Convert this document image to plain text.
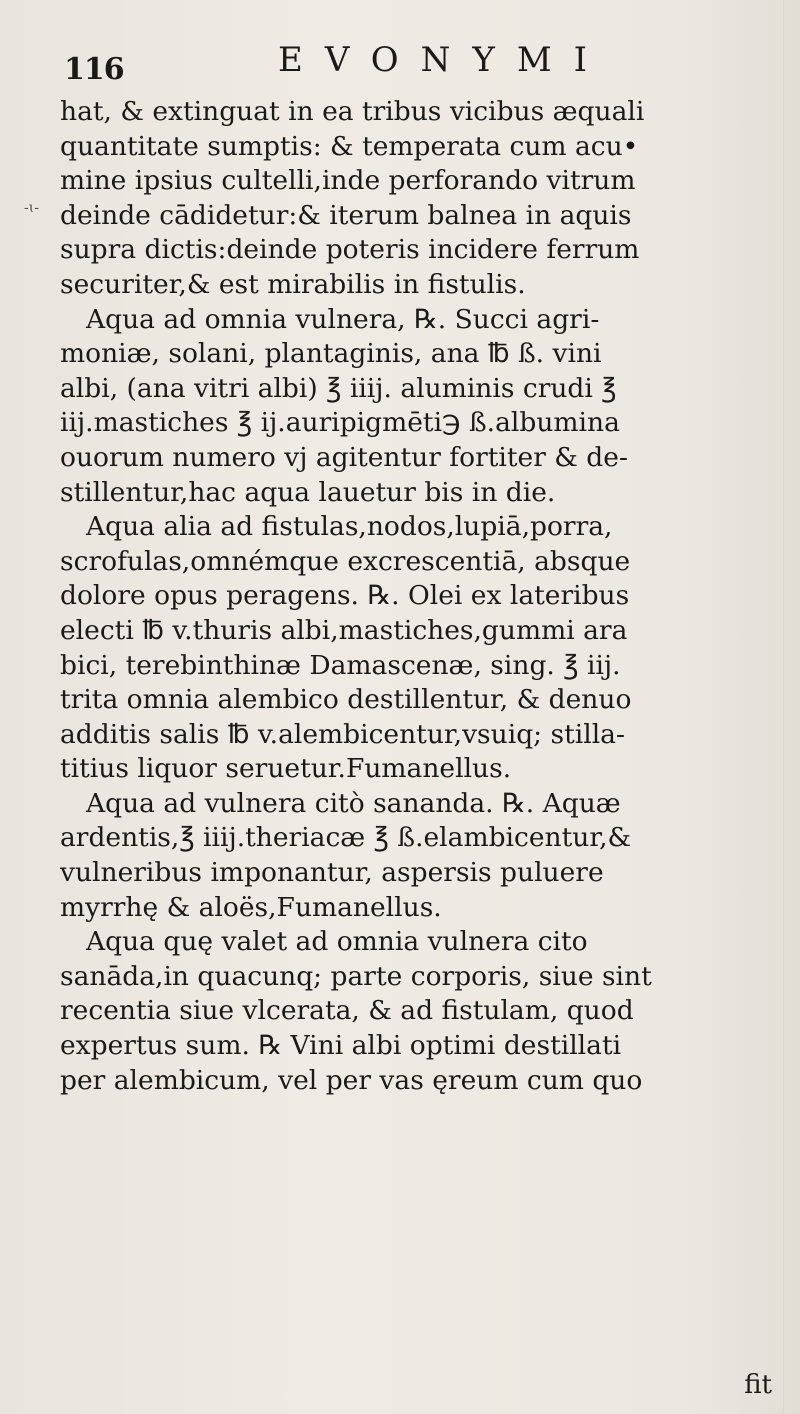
116	EVONYMI
-ɩ-
hat, & extinguat in ea tribus vicibus æquali
quantitate sumptis: & temperata cum acu•
mine ipsius cultelli,inde perforando vitrum
deinde cādidetur:& iterum balnea in aquis
supra dictis:deinde poteris incidere ferrum
securiter,& est mirabilis in fistulis.
Aqua ad omnia vulnera, ℞. Succi agri-
moniæ, solani, plantaginis, ana ℔ ß. vini
albi, (ana vitri albi) ℥ iiij. aluminis crudi ℥
iij.mastiches ℥ ij.auripigmēti℈ ß.albumina
ouorum numero vj agitentur fortiter & de-
stillentur,hac aqua lauetur bis in die.
Aqua alia ad fistulas,nodos,lupiā,porra,
scrofulas,omnémque excrescentiā, absque
dolore opus peragens. ℞. Olei ex lateribus
electi ℔ v.thuris albi,mastiches,gummi ara
bici, terebinthinæ Damascenæ, sing. ℥ iij.
trita omnia alembico destillentur, & denuo
additis salis ℔ v.alembicentur,vsuiq; stilla-
titius liquor seruetur.Fumanellus.
Aqua ad vulnera citò sananda. ℞. Aquæ
ardentis,℥ iiij.theriacæ ℥ ß.elambicentur,&
vulneribus imponantur, aspersis puluere
myrrhę & aloës,Fumanellus.
Aqua quę valet ad omnia vulnera cito
sanāda,in quacunq; parte corporis, siue sint
recentia siue vlcerata, & ad fistulam, quod
expertus sum. ℞ Vini albi optimi destillati
per alembicum, vel per vas ęreum cum quo
fit
